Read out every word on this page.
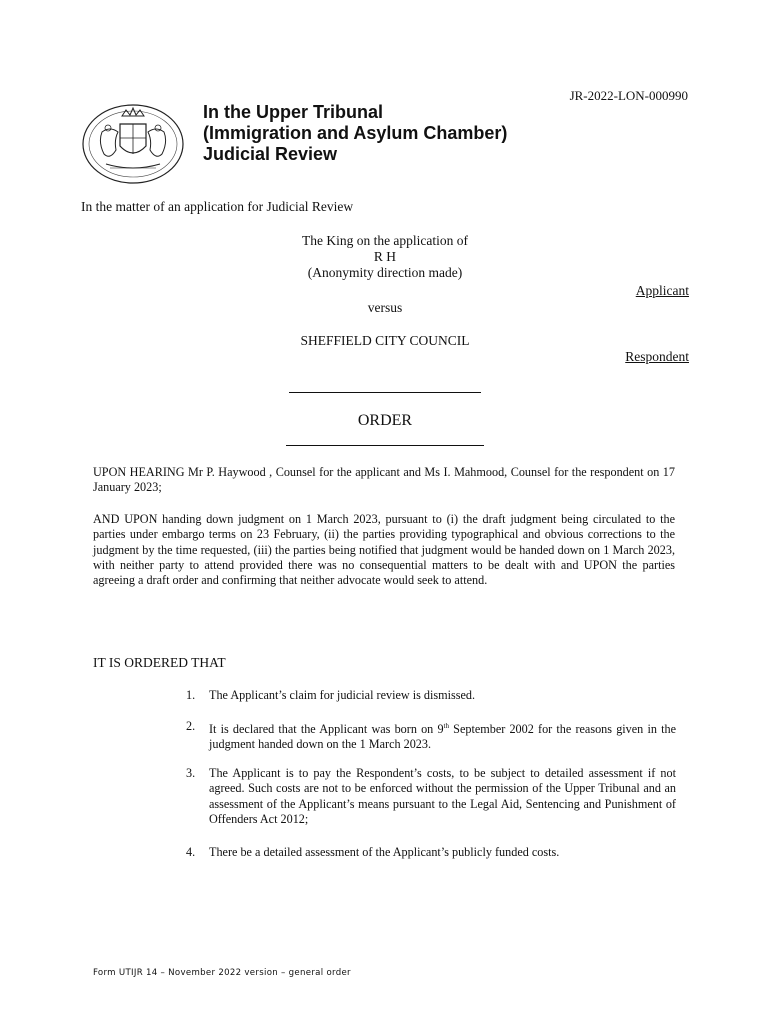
JR-2022-LON-000990
In the Upper Tribunal
(Immigration and Asylum Chamber)
Judicial Review
In the matter of an application for Judicial Review
The King on the application of
R H
(Anonymity direction made)
Applicant
versus
SHEFFIELD CITY COUNCIL
Respondent
ORDER
UPON HEARING Mr P. Haywood , Counsel for the applicant and Ms I. Mahmood, Counsel for the respondent on 17 January 2023;
AND UPON handing down judgment on 1 March 2023, pursuant to (i) the draft judgment being circulated to the parties under embargo terms on 23 February, (ii) the parties providing typographical and obvious corrections to the judgment by the time requested, (iii) the parties being notified that judgment would be handed down on 1 March 2023, with neither party to attend provided there was no consequential matters to be dealt with and UPON the parties agreeing a draft order and confirming that neither advocate would seek to attend.
IT IS ORDERED THAT
1. The Applicant’s claim for judicial review is dismissed.
2. It is declared that the Applicant was born on 9th September 2002 for the reasons given in the judgment handed down on the 1 March 2023.
3. The Applicant is to pay the Respondent’s costs, to be subject to detailed assessment if not agreed. Such costs are not to be enforced without the permission of the Upper Tribunal and an assessment of the Applicant’s means pursuant to the Legal Aid, Sentencing and Punishment of Offenders Act 2012;
4. There be a detailed assessment of the Applicant’s publicly funded costs.
Form UTIJR 14 – November 2022 version – general order
